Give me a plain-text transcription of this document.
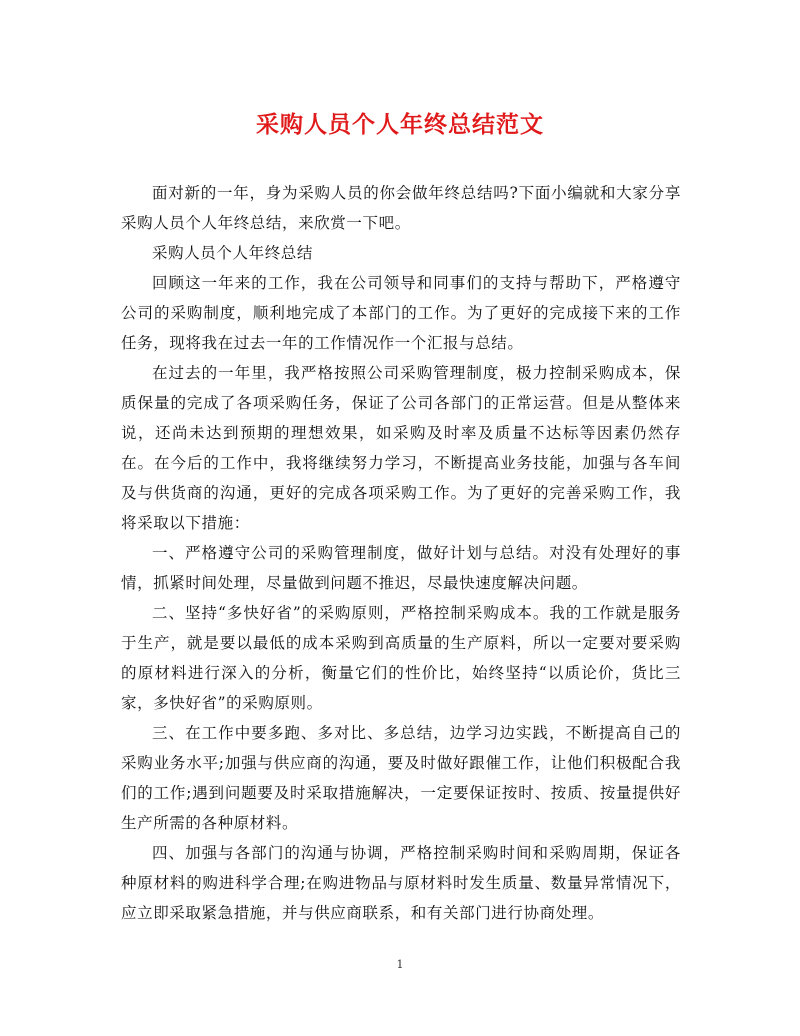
采购人员个人年终总结范文

面对新的一年，身为采购人员的你会做年终总结吗?下面小编就和大家分享采购人员个人年终总结，来欣赏一下吧。

采购人员个人年终总结

回顾这一年来的工作，我在公司领导和同事们的支持与帮助下，严格遵守公司的采购制度，顺利地完成了本部门的工作。为了更好的完成接下来的工作任务，现将我在过去一年的工作情况作一个汇报与总结。

在过去的一年里，我严格按照公司采购管理制度，极力控制采购成本，保质保量的完成了各项采购任务，保证了公司各部门的正常运营。但是从整体来说，还尚未达到预期的理想效果，如采购及时率及质量不达标等因素仍然存在。在今后的工作中，我将继续努力学习，不断提高业务技能，加强与各车间及与供货商的沟通，更好的完成各项采购工作。为了更好的完善采购工作，我将采取以下措施：

一、严格遵守公司的采购管理制度，做好计划与总结。对没有处理好的事情，抓紧时间处理，尽量做到问题不推迟，尽最快速度解决问题。

二、坚持“多快好省”的采购原则，严格控制采购成本。我的工作就是服务于生产，就是要以最低的成本采购到高质量的生产原料，所以一定要对要采购的原材料进行深入的分析，衡量它们的性价比，始终坚持“以质论价，货比三家，多快好省”的采购原则。

三、在工作中要多跑、多对比、多总结，边学习边实践，不断提高自己的采购业务水平;加强与供应商的沟通，要及时做好跟催工作，让他们积极配合我们的工作;遇到问题要及时采取措施解决，一定要保证按时、按质、按量提供好生产所需的各种原材料。

四、加强与各部门的沟通与协调，严格控制采购时间和采购周期，保证各种原材料的购进科学合理;在购进物品与原材料时发生质量、数量异常情况下，应立即采取紧急措施，并与供应商联系，和有关部门进行协商处理。

1
